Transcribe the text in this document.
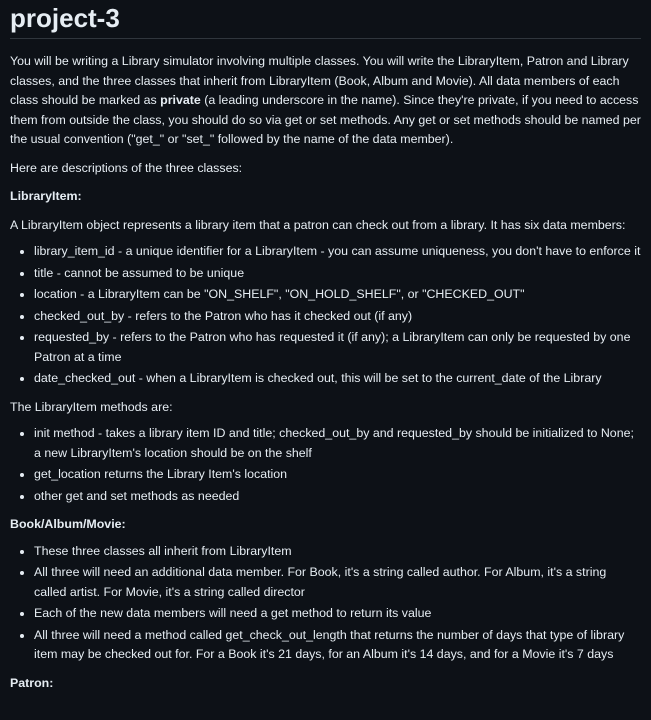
project-3

You will be writing a Library simulator involving multiple classes. You will write the LibraryItem, Patron and Library classes, and the three classes that inherit from LibraryItem (Book, Album and Movie). All data members of each class should be marked as private (a leading underscore in the name). Since they're private, if you need to access them from outside the class, you should do so via get or set methods. Any get or set methods should be named per the usual convention ("get_" or "set_" followed by the name of the data member).

Here are descriptions of the three classes:

LibraryItem:

A LibraryItem object represents a library item that a patron can check out from a library. It has six data members:

• library_item_id - a unique identifier for a LibraryItem - you can assume uniqueness, you don't have to enforce it
• title - cannot be assumed to be unique
• location - a LibraryItem can be "ON_SHELF", "ON_HOLD_SHELF", or "CHECKED_OUT"
• checked_out_by - refers to the Patron who has it checked out (if any)
• requested_by - refers to the Patron who has requested it (if any); a LibraryItem can only be requested by one Patron at a time
• date_checked_out - when a LibraryItem is checked out, this will be set to the current_date of the Library

The LibraryItem methods are:

• init method - takes a library item ID and title; checked_out_by and requested_by should be initialized to None; a new LibraryItem's location should be on the shelf
• get_location returns the Library Item's location
• other get and set methods as needed

Book/Album/Movie:

• These three classes all inherit from LibraryItem
• All three will need an additional data member. For Book, it's a string called author. For Album, it's a string called artist. For Movie, it's a string called director
• Each of the new data members will need a get method to return its value
• All three will need a method called get_check_out_length that returns the number of days that type of library item may be checked out for. For a Book it's 21 days, for an Album it's 14 days, and for a Movie it's 7 days

Patron:
